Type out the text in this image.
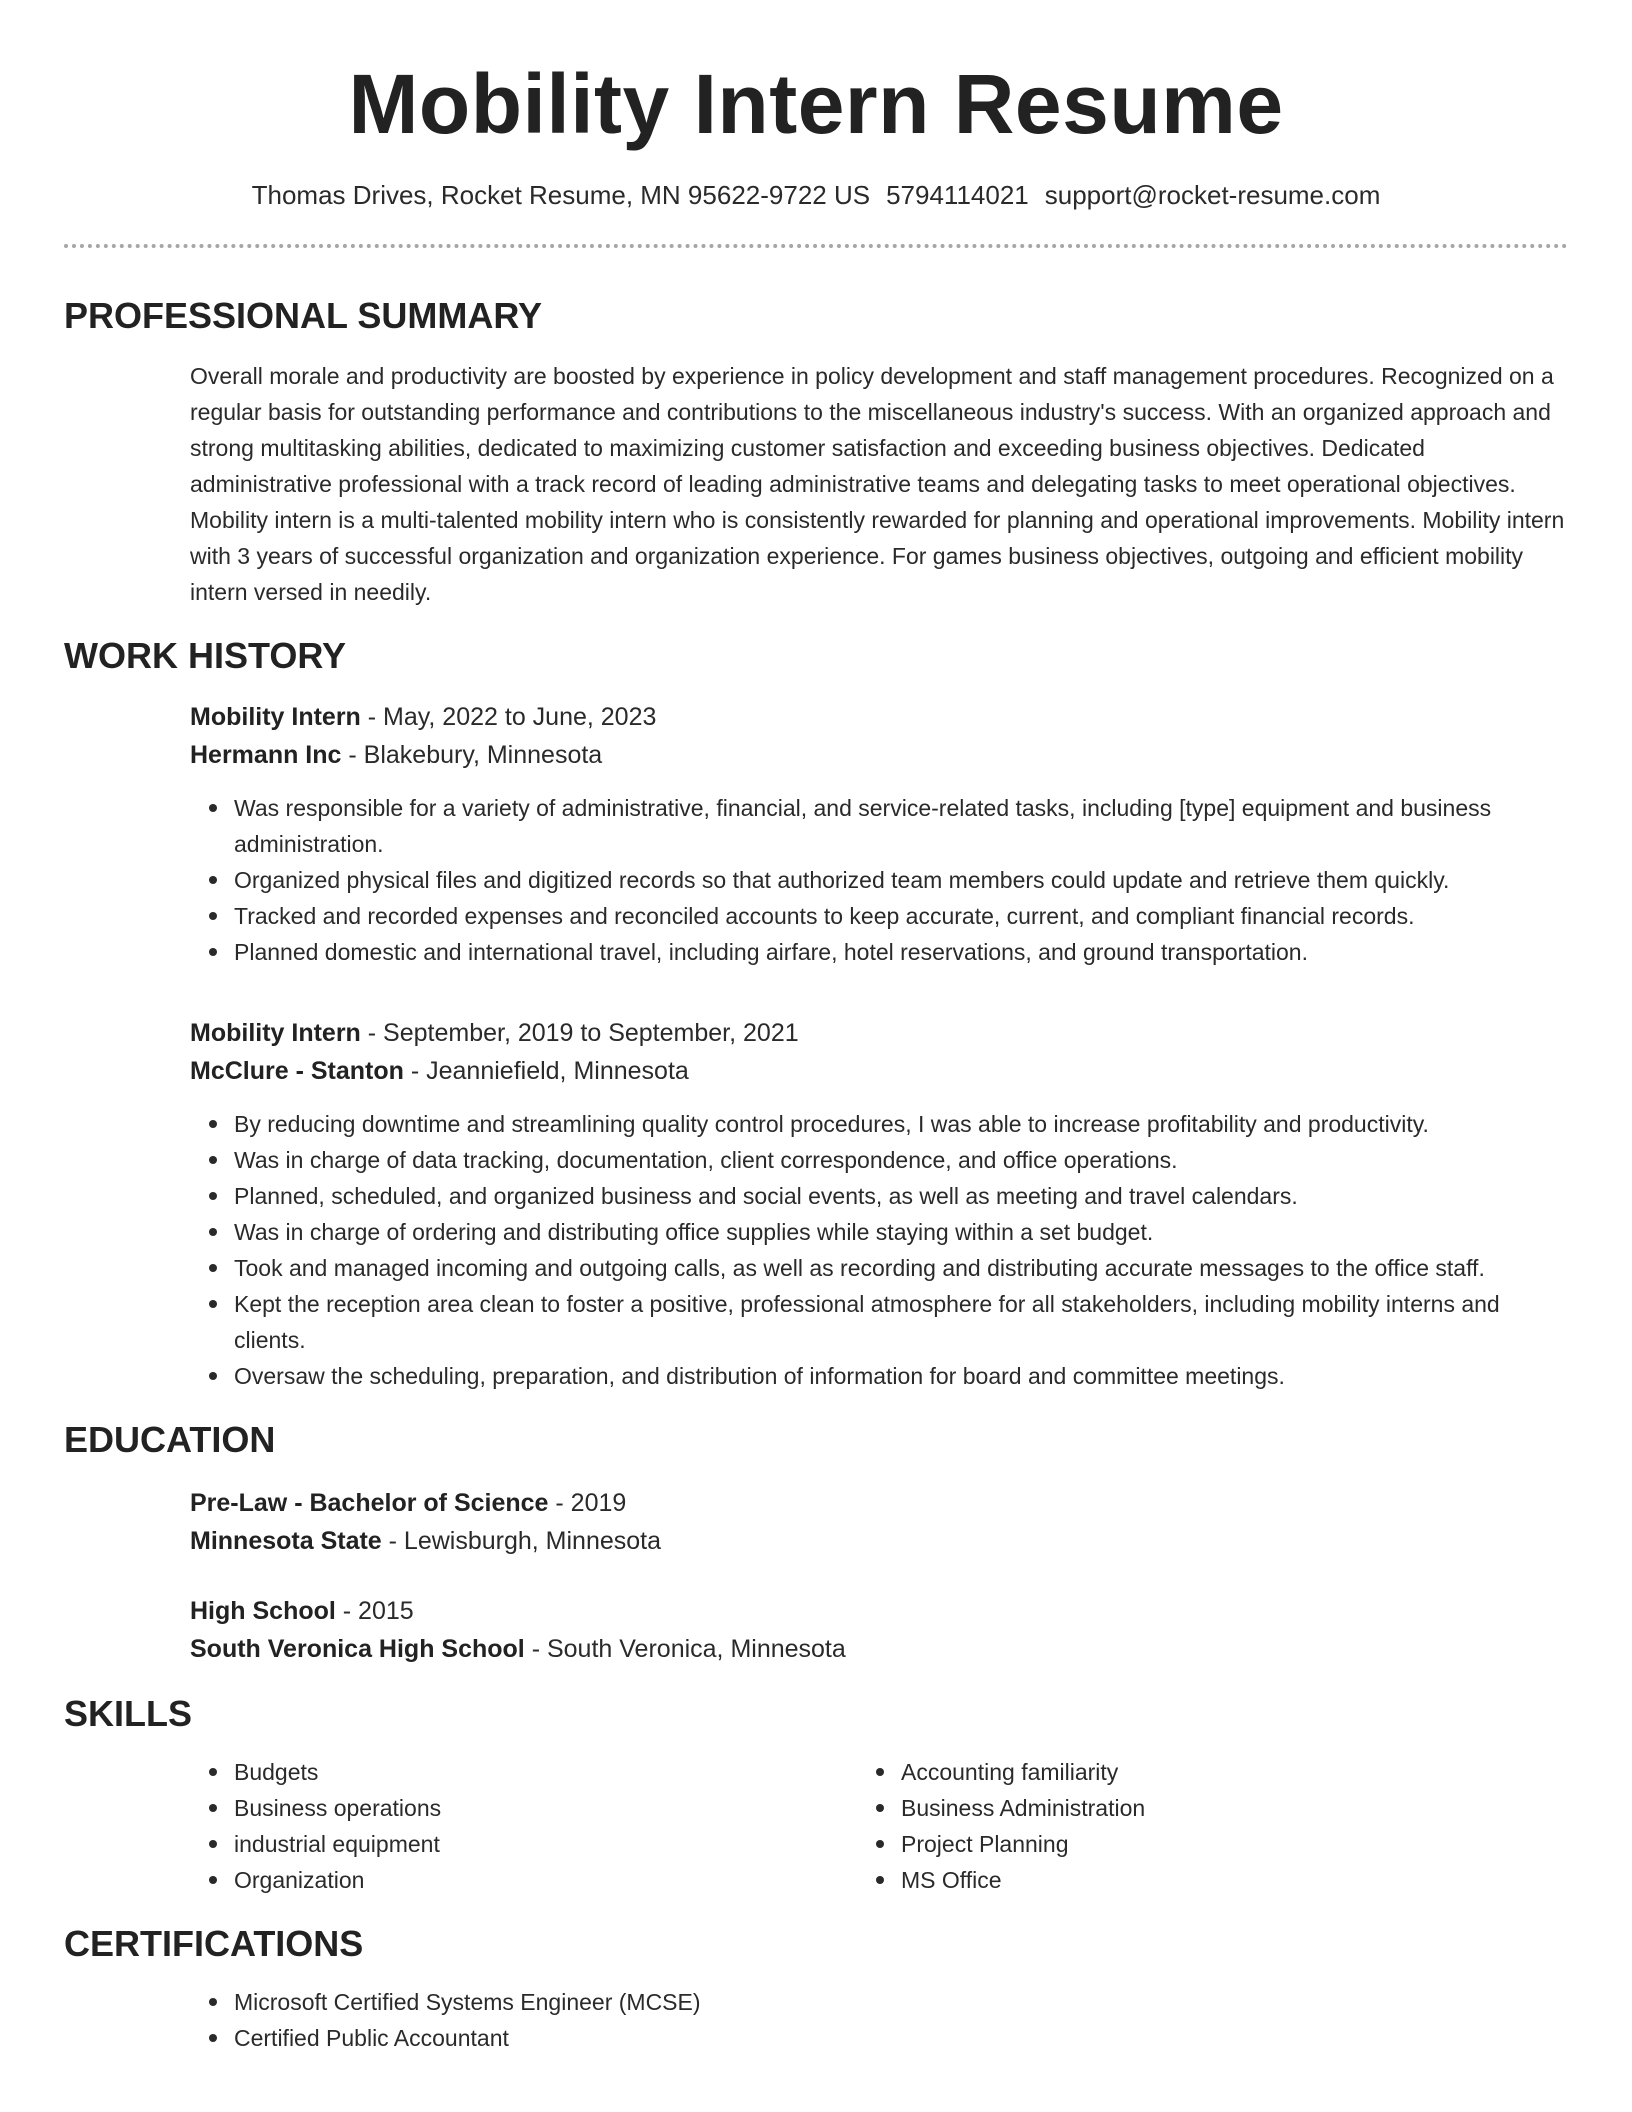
Mobility Intern Resume
Thomas Drives, Rocket Resume, MN 95622-9722 US 5794114021 support@rocket-resume.com
PROFESSIONAL SUMMARY

Overall morale and productivity are boosted by experience in policy development and staff management procedures. Recognized on a regular basis for outstanding performance and contributions to the miscellaneous industry's success. With an organized approach and strong multitasking abilities, dedicated to maximizing customer satisfaction and exceeding business objectives. Dedicated administrative professional with a track record of leading administrative teams and delegating tasks to meet operational objectives. Mobility intern is a multi-talented mobility intern who is consistently rewarded for planning and operational improvements. Mobility intern with 3 years of successful organization and organization experience. For games business objectives, outgoing and efficient mobility intern versed in needily.

WORK HISTORY
Mobility Intern - May, 2022 to June, 2023
Hermann Inc - Blakebury, Minnesota
Was responsible for a variety of administrative, financial, and service-related tasks, including [type] equipment and business administration.
Organized physical files and digitized records so that authorized team members could update and retrieve them quickly.
Tracked and recorded expenses and reconciled accounts to keep accurate, current, and compliant financial records.
Planned domestic and international travel, including airfare, hotel reservations, and ground transportation.
Mobility Intern - September, 2019 to September, 2021
McClure - Stanton - Jeanniefield, Minnesota
By reducing downtime and streamlining quality control procedures, I was able to increase profitability and productivity.
Was in charge of data tracking, documentation, client correspondence, and office operations.
Planned, scheduled, and organized business and social events, as well as meeting and travel calendars.
Was in charge of ordering and distributing office supplies while staying within a set budget.
Took and managed incoming and outgoing calls, as well as recording and distributing accurate messages to the office staff.
Kept the reception area clean to foster a positive, professional atmosphere for all stakeholders, including mobility interns and clients.
Oversaw the scheduling, preparation, and distribution of information for board and committee meetings.
EDUCATION
Pre-Law - Bachelor of Science - 2019
Minnesota State - Lewisburgh, Minnesota
High School - 2015
South Veronica High School - South Veronica, Minnesota
SKILLS
Budgets
Business operations
industrial equipment
Organization
Accounting familiarity
Business Administration
Project Planning
MS Office
CERTIFICATIONS
Microsoft Certified Systems Engineer (MCSE)
Certified Public Accountant
